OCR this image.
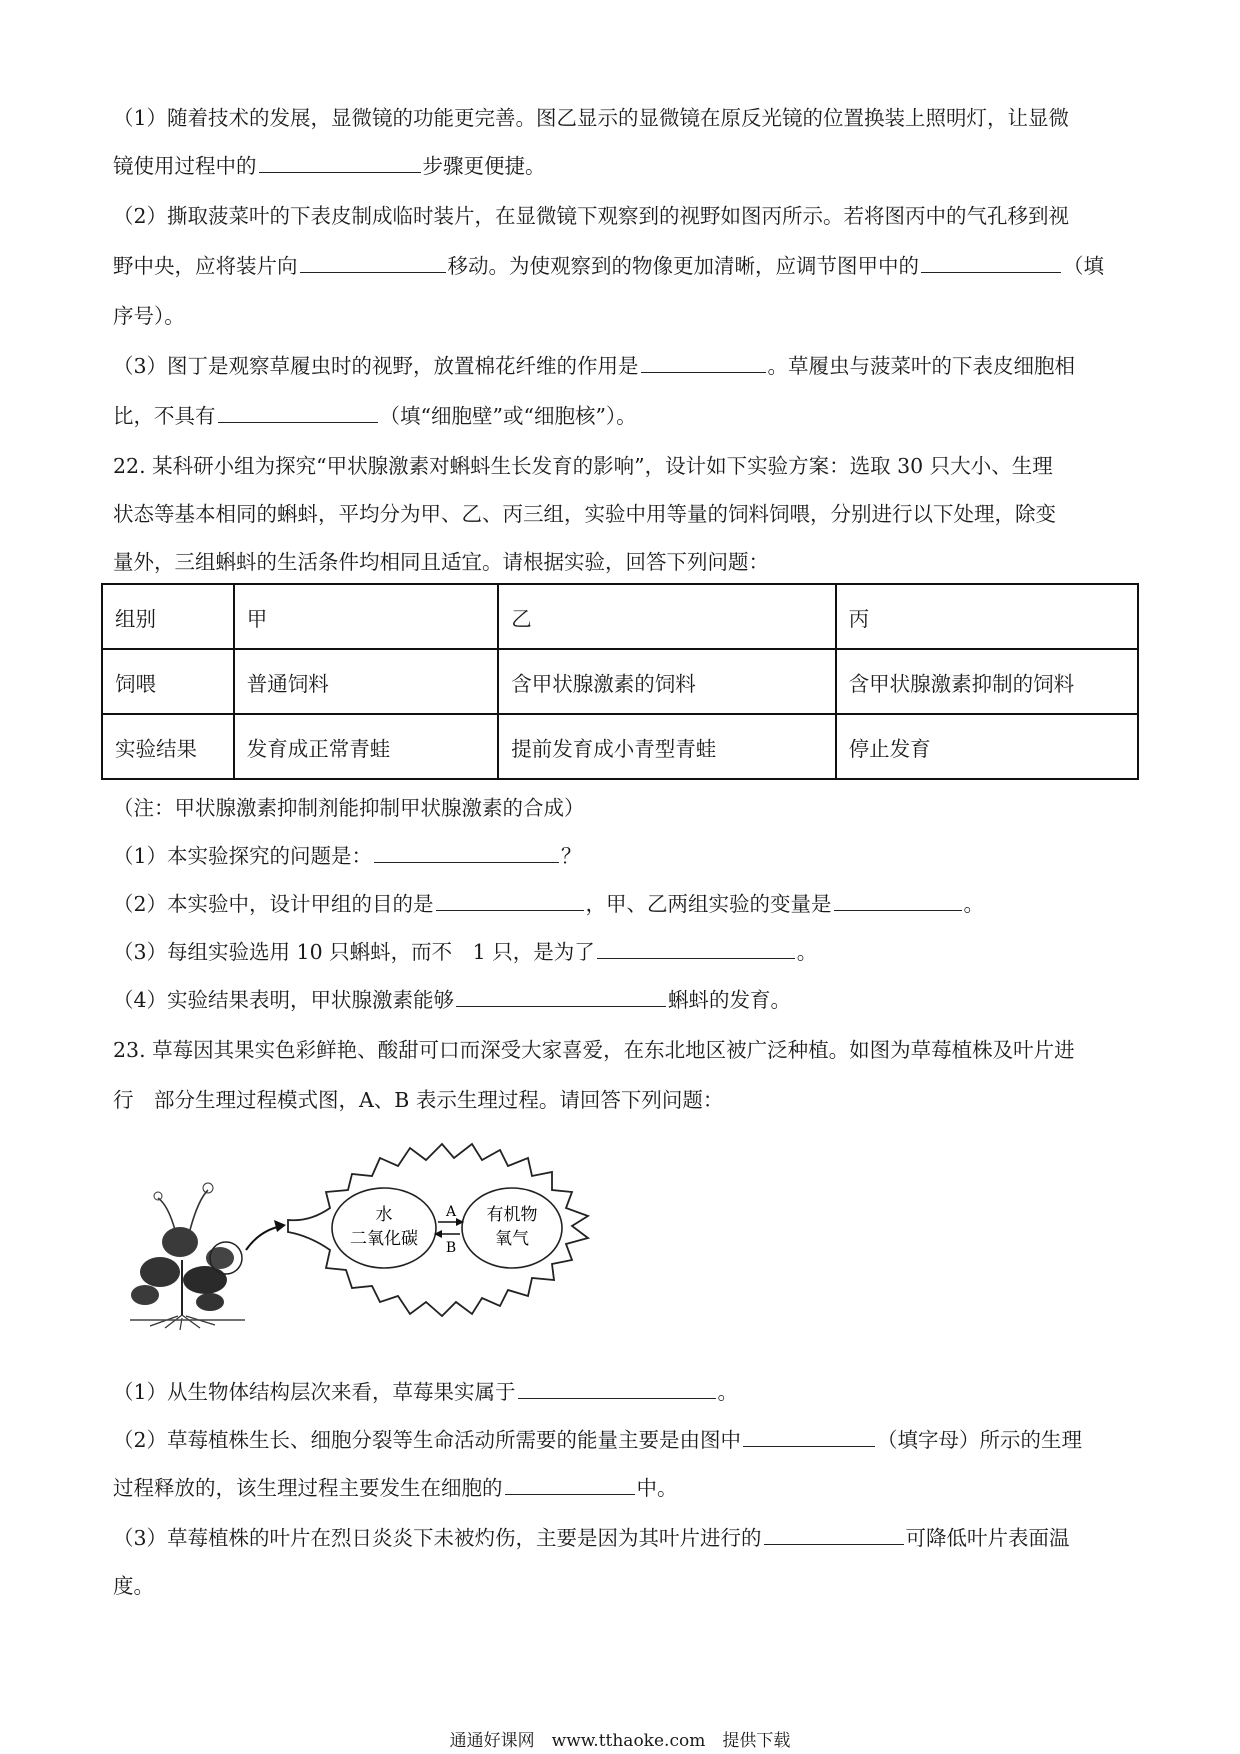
（1）随着技术的发展，显微镜的功能更完善。图乙显示的显微镜在原反光镜的位置换装上照明灯，让显微
镜使用过程中的	步骤更便捷。
（2）撕取菠菜叶的下表皮制成临时装片，在显微镜下观察到的视野如图丙所示。若将图丙中的气孔移到视
野中央，应将装片向	移动。为使观察到的物像更加清晰，应调节图甲中的	（填
序号）。
（3）图丁是观察草履虫时的视野，放置棉花纤维的作用是	。草履虫与菠菜叶的下表皮细胞相
比，不具有	（填“细胞壁”或“细胞核”）。
22. 某科研小组为探究“甲状腺激素对蝌蚪生长发育的影响”，设计如下实验方案：选取 30 只大小、生理
状态等基本相同的蝌蚪，平均分为甲、乙、丙三组，实验中用等量的饲料饲喂，分别进行以下处理，除变
量外，三组蝌蚪的生活条件均相同且适宜。请根据实验，回答下列问题：
组别	甲	乙	丙
饲喂	普通饲料	含甲状腺激素的饲料	含甲状腺激素抑制的饲料
实验结果	发育成正常青蛙	提前发育成小青型青蛙	停止发育
（注：甲状腺激素抑制剂能抑制甲状腺激素的合成）
（1）本实验探究的问题是：	？
（2）本实验中，设计甲组的目的是	，甲、乙两组实验的变量是	。
（3）每组实验选用 10 只蝌蚪，而不　1 只，是为了	。
（4）实验结果表明，甲状腺激素能够	蝌蚪的发育。
23. 草莓因其果实色彩鲜艳、酸甜可口而深受大家喜爱，在东北地区被广泛种植。如图为草莓植株及叶片进
行　部分生理过程模式图，A、B 表示生理过程。请回答下列问题：
水
二氧化碳
有机物
氧气
A
B
（1）从生物体结构层次来看，草莓果实属于	。
（2）草莓植株生长、细胞分裂等生命活动所需要的能量主要是由图中	（填字母）所示的生理
过程释放的，该生理过程主要发生在细胞的	中。
（3）草莓植株的叶片在烈日炎炎下未被灼伤，主要是因为其叶片进行的	可降低叶片表面温
度。
通通好课网　www.tthaoke.com　提供下载
